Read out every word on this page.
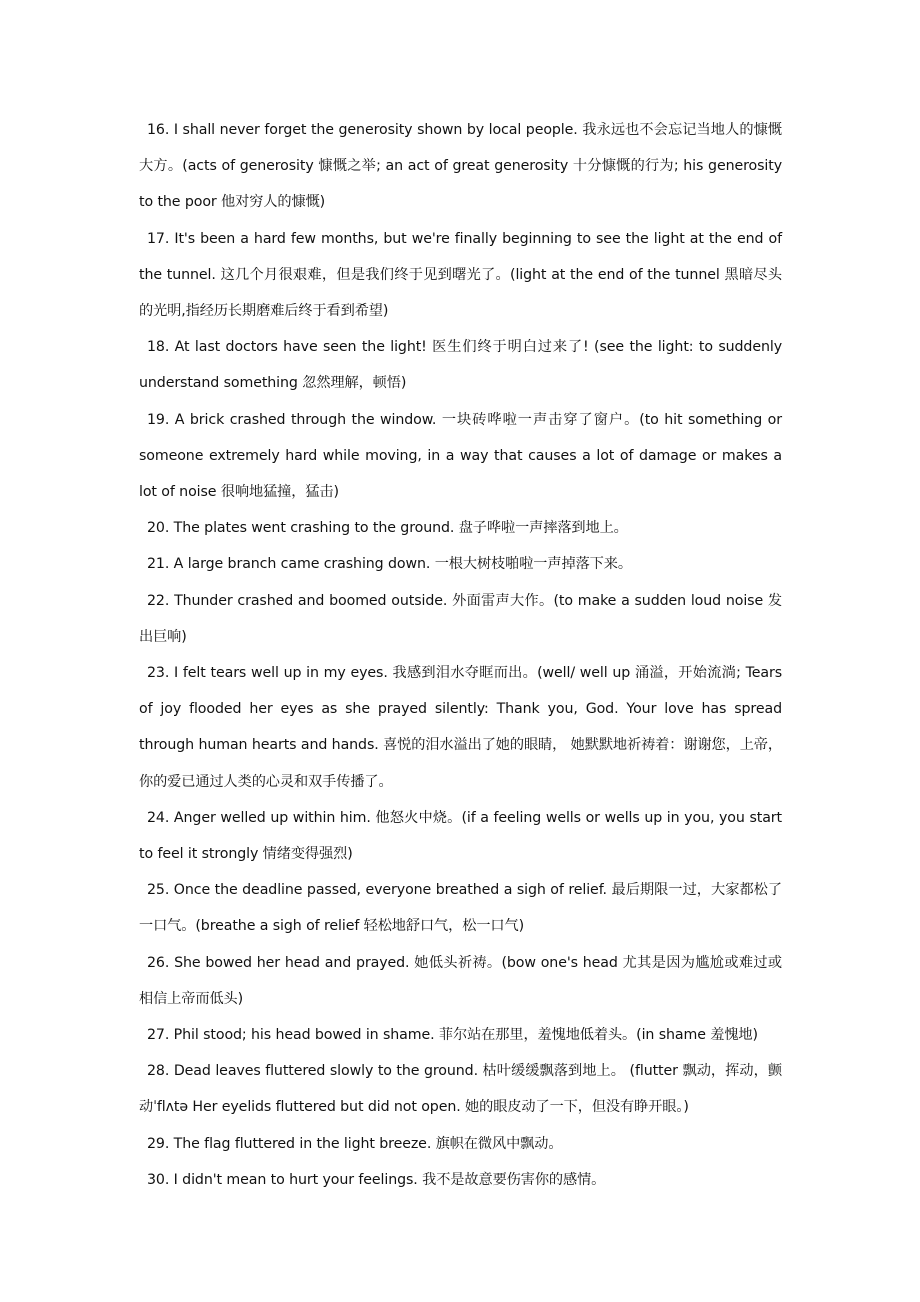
16. I shall never forget the generosity shown by local people. 我永远也不会忘记当地人的慷慨大方。(acts of generosity 慷慨之举; an act of great generosity 十分慷慨的行为; his generosity to the poor 他对穷人的慷慨)

17. It's been a hard few months, but we're finally beginning to see the light at the end of the tunnel. 这几个月很艰难，但是我们终于见到曙光了。(light at the end of the tunnel 黑暗尽头的光明,指经历长期磨难后终于看到希望)

18. At last doctors have seen the light! 医生们终于明白过来了! (see the light: to suddenly understand something 忽然理解，顿悟)

19. A brick crashed through the window. 一块砖哗啦一声击穿了窗户。(to hit something or someone extremely hard while moving, in a way that causes a lot of damage or makes a lot of noise 很响地猛撞，猛击)

20. The plates went crashing to the ground. 盘子哗啦一声摔落到地上。

21. A large branch came crashing down. 一根大树枝啪啦一声掉落下来。

22. Thunder crashed and boomed outside. 外面雷声大作。(to make a sudden loud noise 发出巨响)

23. I felt tears well up in my eyes. 我感到泪水夺眶而出。(well/ well up 涌溢，开始流淌; Tears of joy flooded her eyes as she prayed silently: Thank you, God. Your love has spread through human hearts and hands. 喜悦的泪水溢出了她的眼睛， 她默默地祈祷着：谢谢您，上帝，你的爱已通过人类的心灵和双手传播了。

24. Anger welled up within him. 他怒火中烧。(if a feeling wells or wells up in you, you start to feel it strongly 情绪变得强烈)

25. Once the deadline passed, everyone breathed a sigh of relief. 最后期限一过，大家都松了一口气。(breathe a sigh of relief 轻松地舒口气，松一口气)

26. She bowed her head and prayed. 她低头祈祷。(bow one's head 尤其是因为尴尬或难过或相信上帝而低头)

27. Phil stood; his head bowed in shame. 菲尔站在那里，羞愧地低着头。(in shame 羞愧地)

28. Dead leaves fluttered slowly to the ground. 枯叶缓缓飘落到地上。 (flutter 飘动，挥动，颤动ˈflʌtə Her eyelids fluttered but did not open. 她的眼皮动了一下，但没有睁开眼。)

29. The flag fluttered in the light breeze. 旗帜在微风中飘动。

30. I didn't mean to hurt your feelings. 我不是故意要伤害你的感情。
